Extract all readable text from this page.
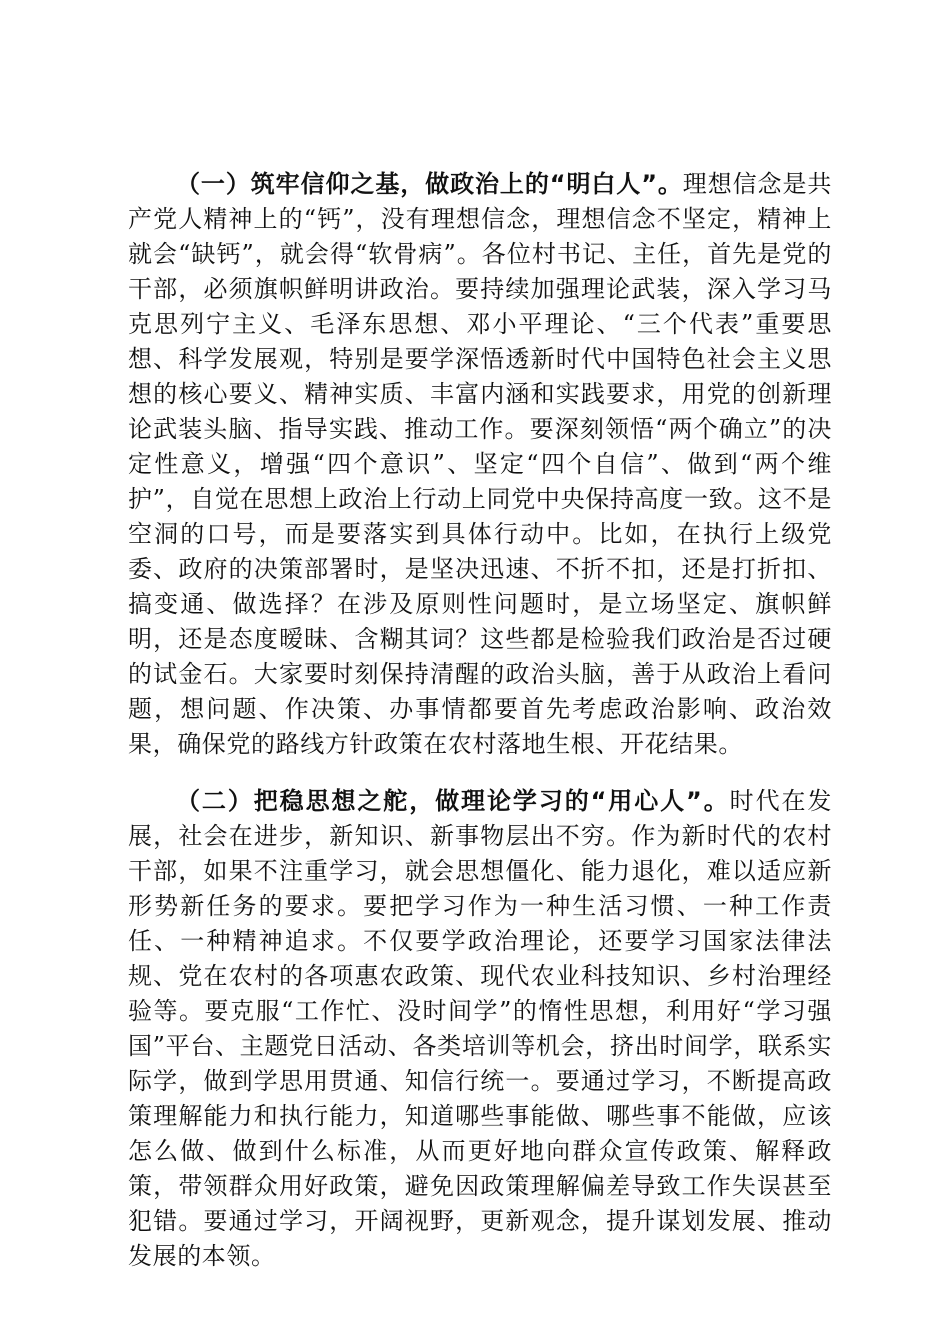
（一）筑牢信仰之基，做政治上的“明白人”。理想信念是共产党人精神上的“钙”，没有理想信念，理想信念不坚定，精神上就会“缺钙”，就会得“软骨病”。各位村书记、主任，首先是党的干部，必须旗帜鲜明讲政治。要持续加强理论武装，深入学习马克思列宁主义、毛泽东思想、邓小平理论、“三个代表”重要思想、科学发展观，特别是要学深悟透新时代中国特色社会主义思想的核心要义、精神实质、丰富内涵和实践要求，用党的创新理论武装头脑、指导实践、推动工作。要深刻领悟“两个确立”的决定性意义，增强“四个意识”、坚定“四个自信”、做到“两个维护”，自觉在思想上政治上行动上同党中央保持高度一致。这不是空洞的口号，而是要落实到具体行动中。比如，在执行上级党委、政府的决策部署时，是坚决迅速、不折不扣，还是打折扣、搞变通、做选择？在涉及原则性问题时，是立场坚定、旗帜鲜明，还是态度暧昧、含糊其词？这些都是检验我们政治是否过硬的试金石。大家要时刻保持清醒的政治头脑，善于从政治上看问题，想问题、作决策、办事情都要首先考虑政治影响、政治效果，确保党的路线方针政策在农村落地生根、开花结果。

（二）把稳思想之舵，做理论学习的“用心人”。时代在发展，社会在进步，新知识、新事物层出不穷。作为新时代的农村干部，如果不注重学习，就会思想僵化、能力退化，难以适应新形势新任务的要求。要把学习作为一种生活习惯、一种工作责任、一种精神追求。不仅要学政治理论，还要学习国家法律法规、党在农村的各项惠农政策、现代农业科技知识、乡村治理经验等。要克服“工作忙、没时间学”的惰性思想，利用好“学习强国”平台、主题党日活动、各类培训等机会，挤出时间学，联系实际学，做到学思用贯通、知信行统一。要通过学习，不断提高政策理解能力和执行能力，知道哪些事能做、哪些事不能做，应该怎么做、做到什么标准，从而更好地向群众宣传政策、解释政策，带领群众用好政策，避免因政策理解偏差导致工作失误甚至犯错。要通过学习，开阔视野，更新观念，提升谋划发展、推动发展的本领。
